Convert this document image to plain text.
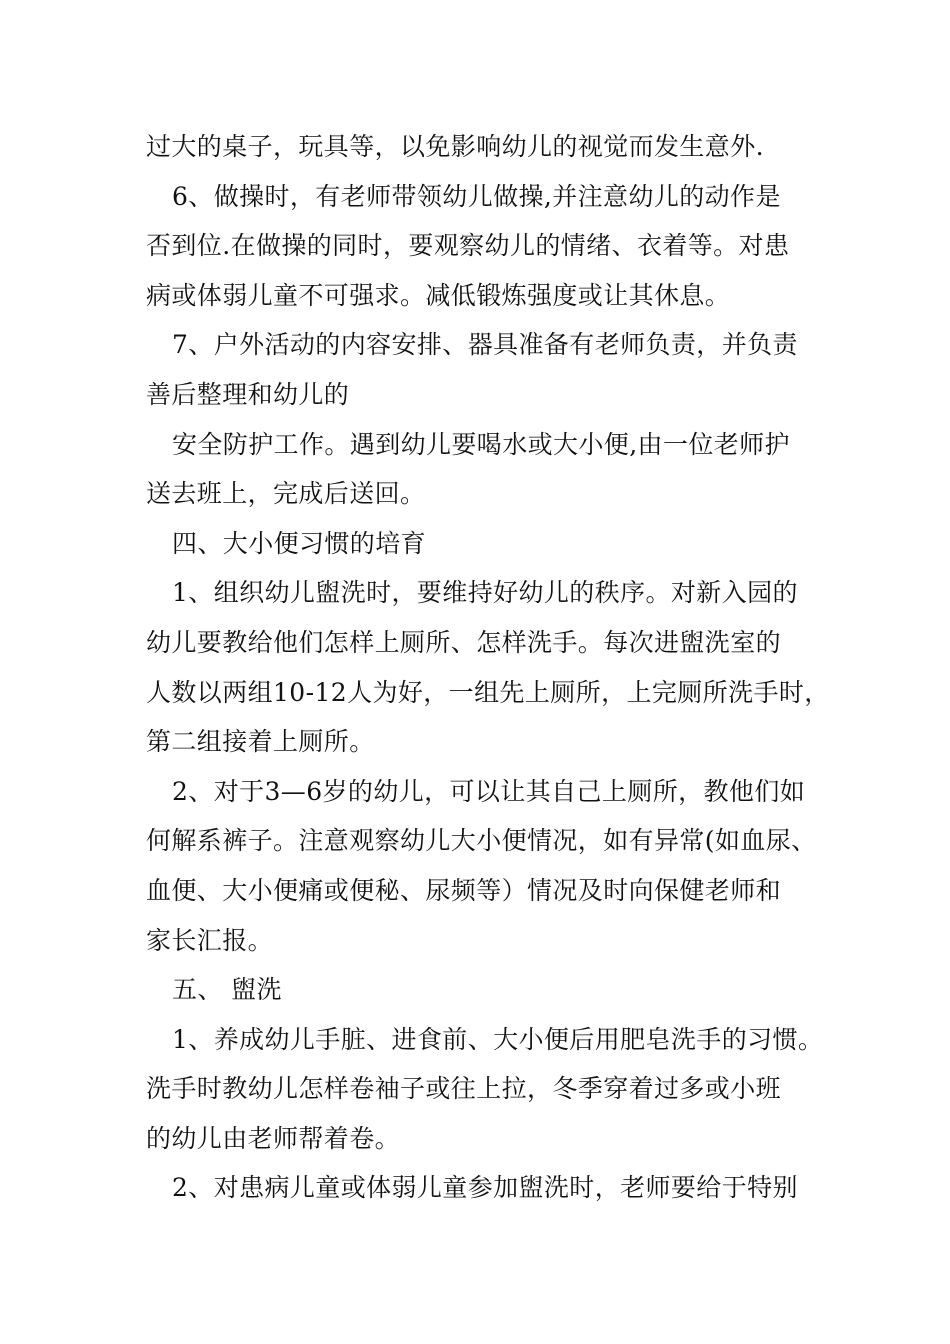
过大的桌子，玩具等，以免影响幼儿的视觉而发生意外.
6、做操时，有老师带领幼儿做操,并注意幼儿的动作是
否到位.在做操的同时，要观察幼儿的情绪、衣着等。对患
病或体弱儿童不可强求。减低锻炼强度或让其休息。
7、户外活动的内容安排、器具准备有老师负责，并负责
善后整理和幼儿的
安全防护工作。遇到幼儿要喝水或大小便,由一位老师护
送去班上，完成后送回。
四、大小便习惯的培育
1、组织幼儿盥洗时，要维持好幼儿的秩序。对新入园的
幼儿要教给他们怎样上厕所、怎样洗手。每次进盥洗室的
人数以两组10-12人为好，一组先上厕所，上完厕所洗手时，
第二组接着上厕所。
2、对于3—6岁的幼儿，可以让其自己上厕所，教他们如
何解系裤子。注意观察幼儿大小便情况，如有异常(如血尿、
血便、大小便痛或便秘、尿频等）情况及时向保健老师和
家长汇报。
五、 盥洗
1、养成幼儿手脏、进食前、大小便后用肥皂洗手的习惯。
洗手时教幼儿怎样卷袖子或往上拉，冬季穿着过多或小班
的幼儿由老师帮着卷。
2、对患病儿童或体弱儿童参加盥洗时，老师要给于特别
